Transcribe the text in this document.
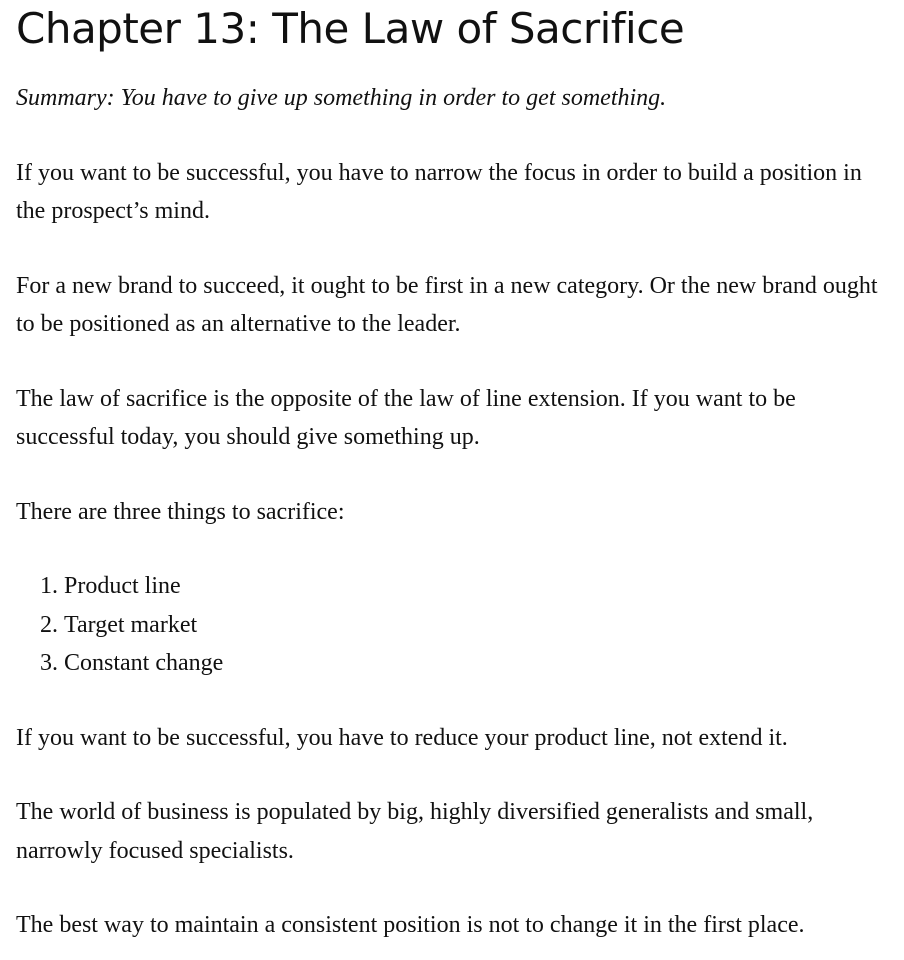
Chapter 13: The Law of Sacrifice

Summary: You have to give up something in order to get something.

If you want to be successful, you have to narrow the focus in order to build a position in the prospect’s mind.

For a new brand to succeed, it ought to be first in a new category. Or the new brand ought to be positioned as an alternative to the leader.

The law of sacrifice is the opposite of the law of line extension. If you want to be successful today, you should give something up.

There are three things to sacrifice:

1. Product line
2. Target market
3. Constant change

If you want to be successful, you have to reduce your product line, not extend it.

The world of business is populated by big, highly diversified generalists and small, narrowly focused specialists.

The best way to maintain a consistent position is not to change it in the first place.
